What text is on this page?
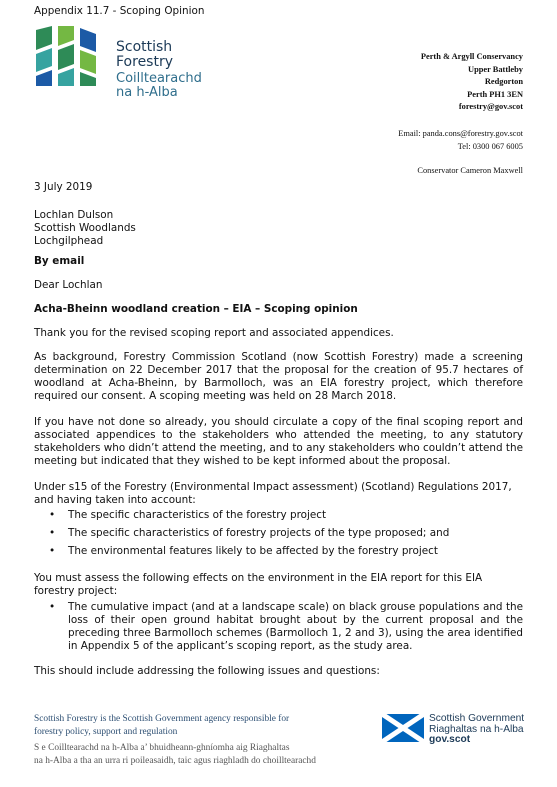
Appendix 11.7 - Scoping Opinion
Scottish
Forestry
Coilltearachd
na h-Alba
Perth & Argyll Conservancy
Upper Battleby
Redgorton
Perth PH1 3EN
forestry@gov.scot
Email: panda.cons@forestry.gov.scot
Tel: 0300 067 6005
Conservator Cameron Maxwell
3 July 2019
Lochlan Dulson
Scottish Woodlands
Lochgilphead
By email
Dear Lochlan
Acha-Bheinn woodland creation – EIA – Scoping opinion
Thank you for the revised scoping report and associated appendices.
As background, Forestry Commission Scotland (now Scottish Forestry) made a screening determination on 22 December 2017 that the proposal for the creation of 95.7 hectares of woodland at Acha-Bheinn, by Barmolloch, was an EIA forestry project, which therefore required our consent. A scoping meeting was held on 28 March 2018.
If you have not done so already, you should circulate a copy of the final scoping report and associated appendices to the stakeholders who attended the meeting, to any statutory stakeholders who didn’t attend the meeting, and to any stakeholders who couldn’t attend the meeting but indicated that they wished to be kept informed about the proposal.
Under s15 of the Forestry (Environmental Impact assessment) (Scotland) Regulations 2017, and having taken into account:
• The specific characteristics of the forestry project
• The specific characteristics of forestry projects of the type proposed; and
• The environmental features likely to be affected by the forestry project
You must assess the following effects on the environment in the EIA report for this EIA forestry project:
• The cumulative impact (and at a landscape scale) on black grouse populations and the loss of their open ground habitat brought about by the current proposal and the preceding three Barmolloch schemes (Barmolloch 1, 2 and 3), using the area identified in Appendix 5 of the applicant’s scoping report, as the study area.
This should include addressing the following issues and questions:
Scottish Forestry is the Scottish Government agency responsible for
forestry policy, support and regulation
S e Coilltearachd na h-Alba a’ bhuidheann-ghníomha aig Riaghaltas
na h-Alba a tha an urra ri poileasaidh, taic agus riaghladh do choilltearachd
Scottish Government
Riaghaltas na h-Alba
gov.scot
